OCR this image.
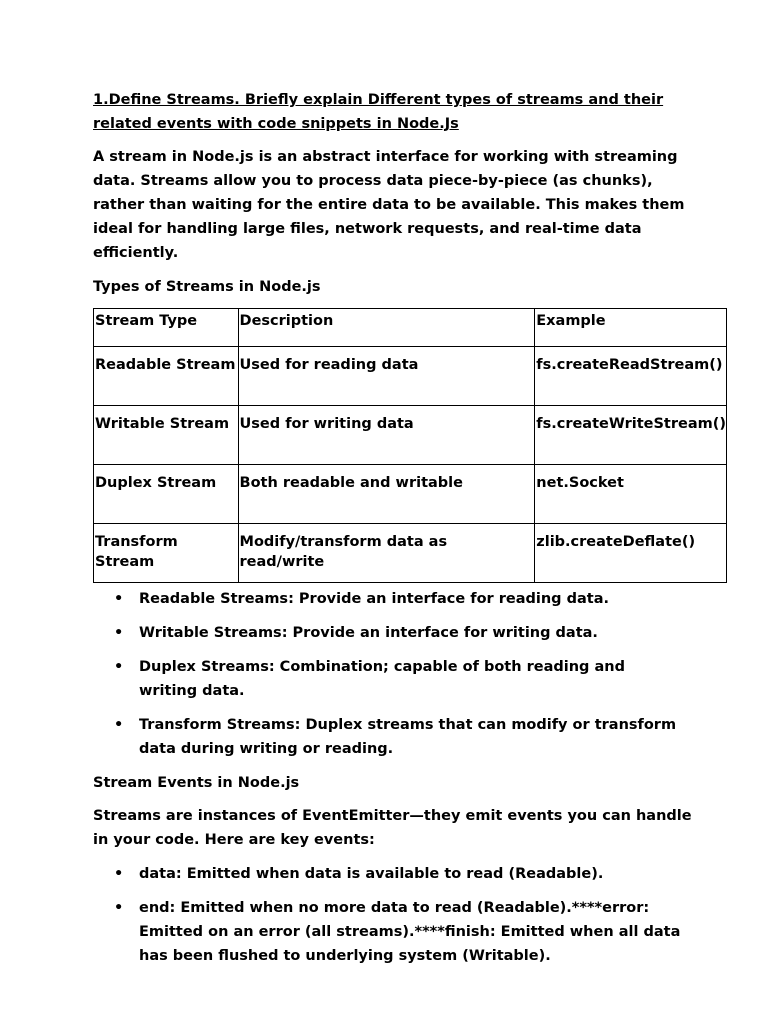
1.Define Streams. Briefly explain Different types of streams and their related events with code snippets in Node.Js

A stream in Node.js is an abstract interface for working with streaming data. Streams allow you to process data piece-by-piece (as chunks), rather than waiting for the entire data to be available. This makes them ideal for handling large files, network requests, and real-time data efficiently.

Types of Streams in Node.js

Stream Type	Description	Example
Readable Stream	Used for reading data	fs.createReadStream()
Writable Stream	Used for writing data	fs.createWriteStream()
Duplex Stream	Both readable and writable	net.Socket
Transform Stream	Modify/transform data as read/write	zlib.createDeflate()
• Readable Streams: Provide an interface for reading data.
• Writable Streams: Provide an interface for writing data.
• Duplex Streams: Combination; capable of both reading and writing data.
• Transform Streams: Duplex streams that can modify or transform data during writing or reading.

Stream Events in Node.js

Streams are instances of EventEmitter—they emit events you can handle in your code. Here are key events:

• data: Emitted when data is available to read (Readable).
• end: Emitted when no more data to read (Readable).****error: Emitted on an error (all streams).****finish: Emitted when all data has been flushed to underlying system (Writable).
